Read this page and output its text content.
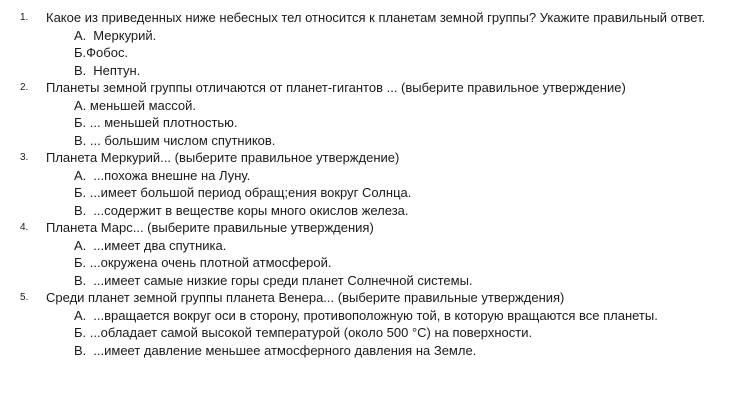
1. Какое из приведенных ниже небесных тел относится к планетам земной группы? Укажите правильный ответ.
А. Меркурий.
Б.Фобос.
В. Нептун.
2. Планеты земной группы отличаются от планет-гигантов ... (выберите правильное утверждение)
А. меньшей массой.
Б. ... меньшей плотностью.
В. ... большим числом спутников.
3. Планета Меркурий... (выберите правильное утверждение)
А. ...похожа внешне на Луну.
Б. ...имеет большой период обращ;ения вокруг Солнца.
В. ...содержит в веществе коры много окислов железа.
4. Планета Марс... (выберите правильные утверждения)
А. ...имеет два спутника.
Б. ...окружена очень плотной атмосферой.
В. ...имеет самые низкие горы среди планет Солнечной системы.
5. Среди планет земной группы планета Венера... (выберите правильные утверждения)
А. ...вращается вокруг оси в сторону, противоположную той, в которую вращаются все планеты.
Б. ...обладает самой высокой температурой (около 500 °С) на поверхности.
В. ...имеет давление меньшее атмосферного давления на Земле.
